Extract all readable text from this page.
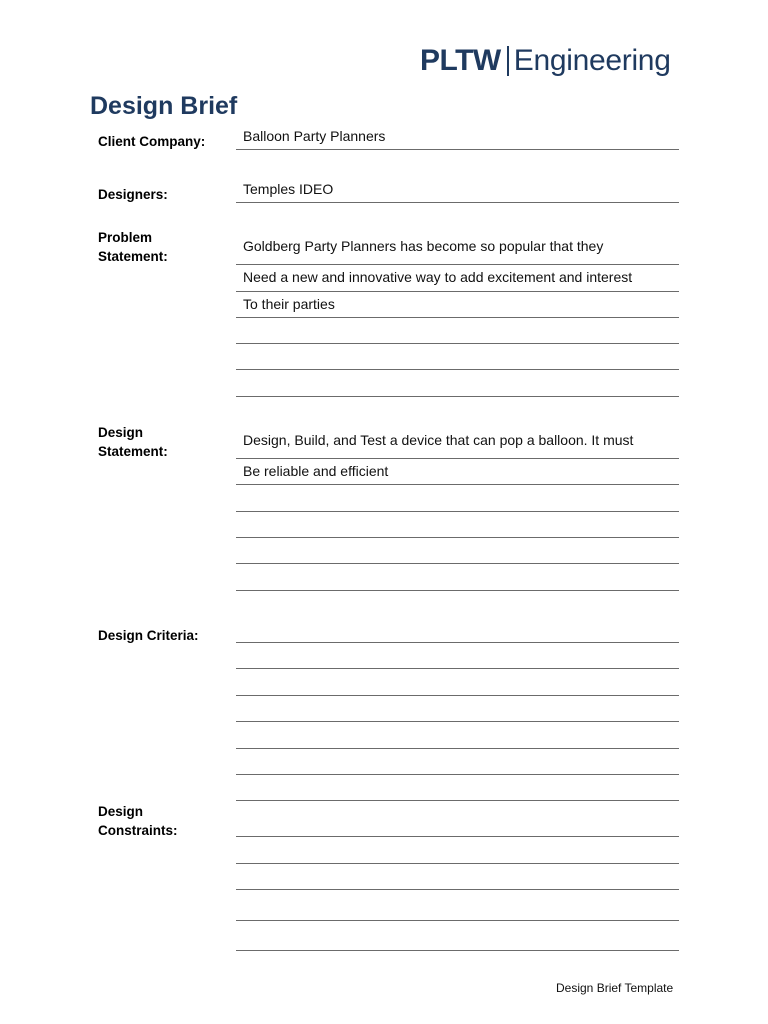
PLTW Engineering
Design Brief
Client Company:	Balloon Party Planners
Designers:	Temples IDEO
Problem
Statement:
Goldberg Party Planners has become so popular that they
Need a new and innovative way to add excitement and interest
To their parties
Design
Statement:
Design, Build, and Test a device that can pop a balloon. It must
Be reliable and efficient
Design Criteria:
Design
Constraints:
Design Brief Template
